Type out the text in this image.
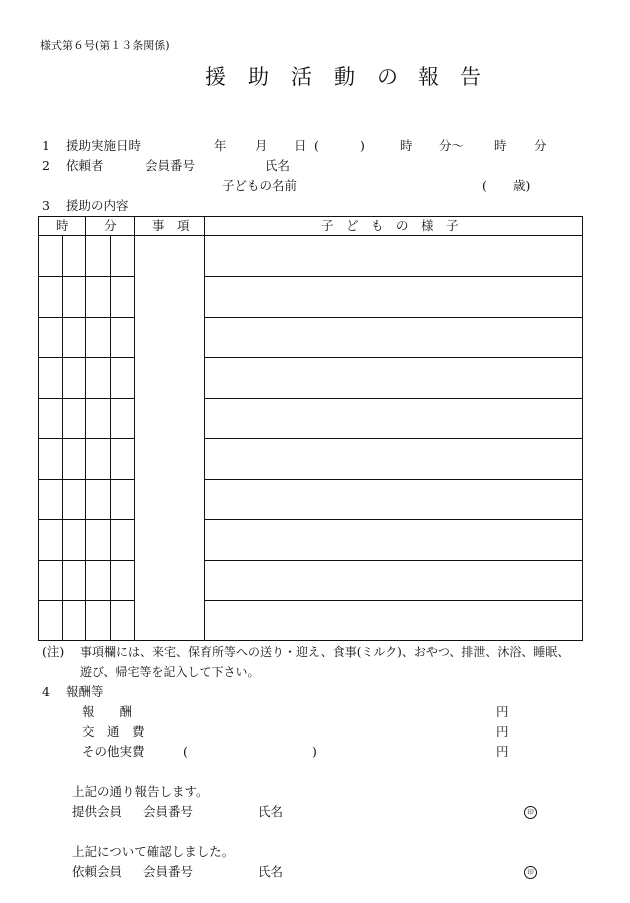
様式第６号(第１３条関係)
援 助 活 動 の 報 告
1 援助実施日時	年 月 日 (	)	時 分〜 時 分
2 依頼者	会員番号	氏名
子どもの名前	( 歳)
3 援助の内容
時	分	事　項	子　ど　も　の　様　子
(注) 事項欄には、来宅、保育所等への送り・迎え、食事(ミルク)、おやつ、排泄、沐浴、睡眠、
遊び、帰宅等を記入して下さい。
4 報酬等
報　　酬	円
交　通　費	円
その他実費	(	)	円
上記の通り報告します。
提供会員 会員番号	氏名	印
上記について確認しました。
依頼会員 会員番号	氏名	印
